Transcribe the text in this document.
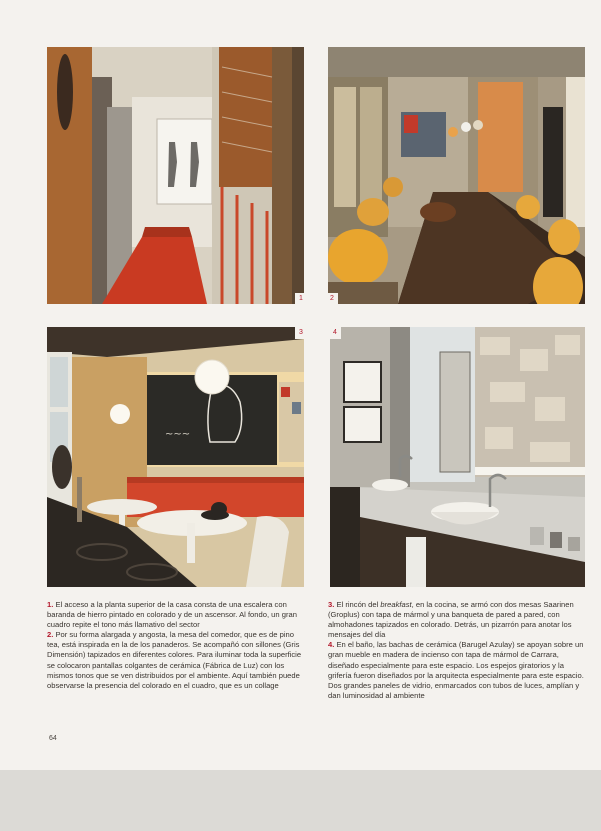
1	2
~~~
3	4

1. El acceso a la planta superior de la casa consta de una escalera con baranda de hierro pintado en colorado y de un ascensor. Al fondo, un gran cuadro repite el tono más llamativo del sector

2. Por su forma alargada y angosta, la mesa del comedor, que es de pino tea, está inspirada en la de los panaderos. Se acompañó con sillones (Gris Dimensión) tapizados en diferentes colores. Para iluminar toda la superficie se colocaron pantallas colgantes de cerámica (Fábrica de Luz) con los mismos tonos que se ven distribuidos por el ambiente. Aquí también puede observarse la presencia del colorado en el cuadro, que es un collage

3. El rincón del breakfast, en la cocina, se armó con dos mesas Saarinen (Groplus) con tapa de mármol y una banqueta de pared a pared, con almohadones tapizados en colorado. Detrás, un pizarrón para anotar los mensajes del día

4. En el baño, las bachas de cerámica (Barugel Azulay) se apoyan sobre un gran mueble en madera de incienso con tapa de mármol de Carrara, diseñado especialmente para este espacio. Los espejos giratorios y la grifería fueron diseñados por la arquitecta especialmente para este espacio. Dos grandes paneles de vidrio, enmarcados con tubos de luces, amplían y dan luminosidad al ambiente

64
